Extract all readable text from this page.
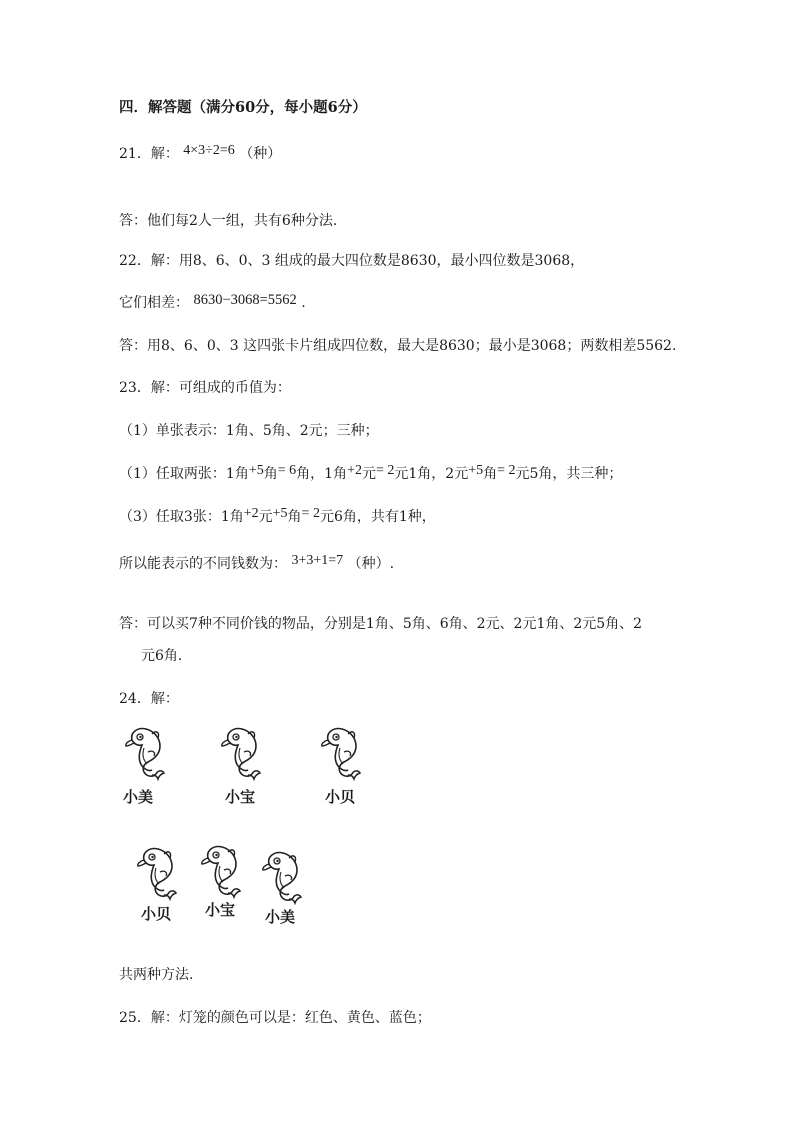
四．解答题（满分60分，每小题6分）
21．解： 4×3÷2=6 （种）
答：他们每2人一组，共有6种分法.
22．解：用8、6、0、3 组成的最大四位数是8630，最小四位数是3068，
它们相差： 8630−3068=5562 .
答：用8、6、0、3 这四张卡片组成四位数，最大是8630；最小是3068；两数相差5562.
23．解：可组成的币值为：
（1）单张表示：1角、5角、2元；三种；
（1）任取两张：1角+5角= 6角，1角+2元= 2元1角，2元+5角= 2元5角，共三种；
（3）任取3张：1角+2元+5角= 2元6角，共有1种，
所以能表示的不同钱数为： 3+3+1=7 （种）.
答：可以买7种不同价钱的物品，分别是1角、5角、6角、2元、2元1角、2元5角、2
元6角.
24．解：
小美	小宝	小贝
小贝 小宝 小美
共两种方法.
25．解：灯笼的颜色可以是：红色、黄色、蓝色；
